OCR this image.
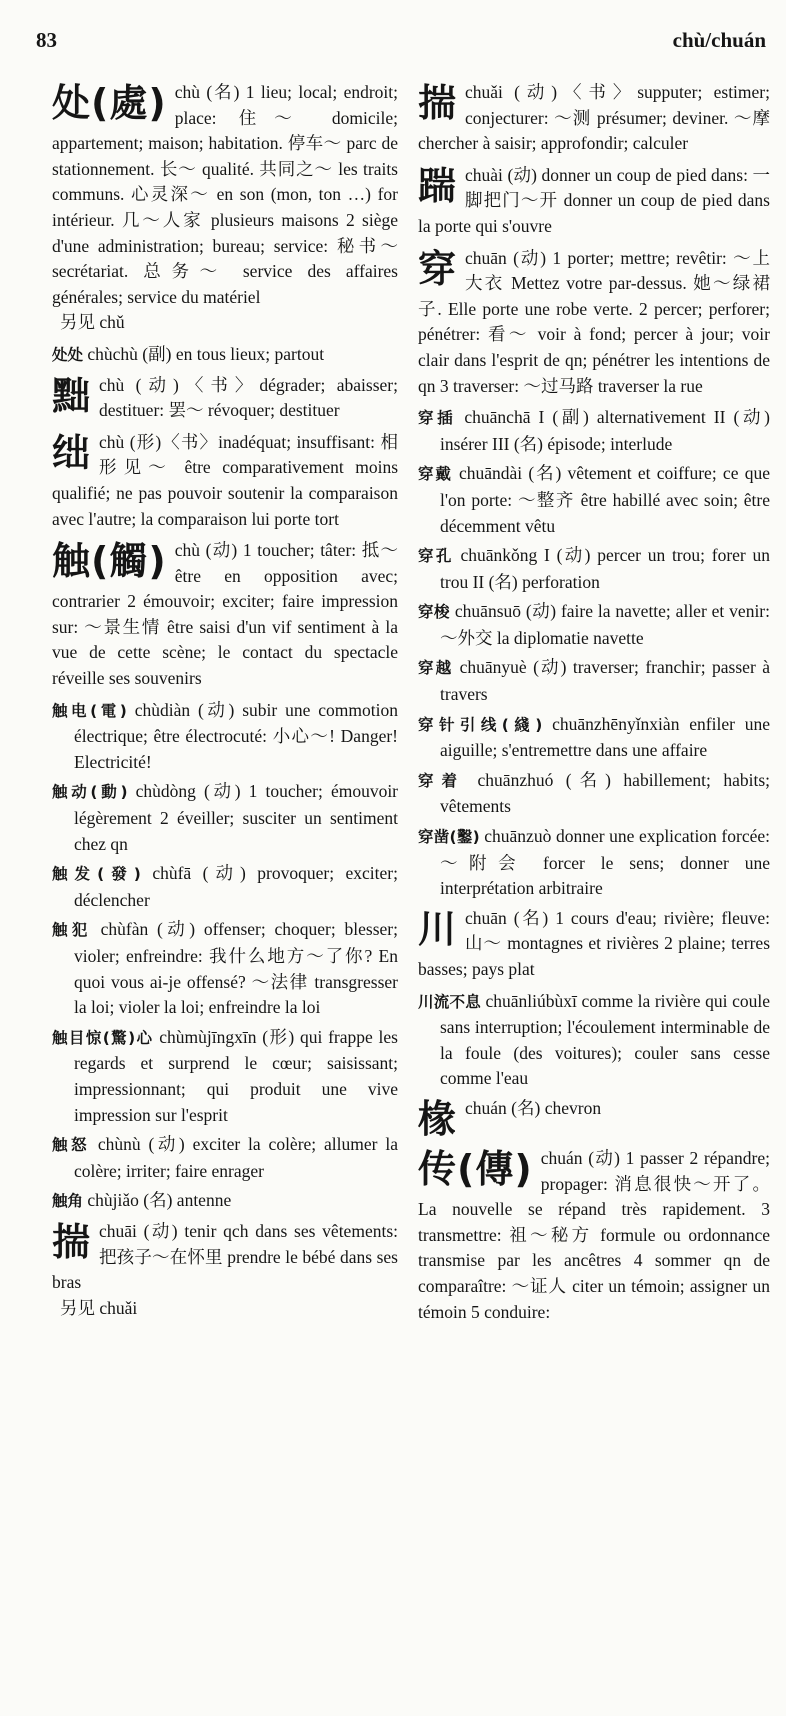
83	chù/chuán
处(處) chù (名) 1 lieu; local; endroit; place: 住～ domicile; appartement; maison; habitation. 停车～ parc de stationnement. 长～ qualité. 共同之～ les traits communs. 心灵深～ en son (mon, ton …) for intérieur. 几～人家 plusieurs maisons 2 siège d'une administration; bureau; service: 秘书～ secrétariat. 总务～ service des affaires générales; service du matériel
另见 chǔ
处处 chùchù (副) en tous lieux; partout
黜chù (动)〈书〉dégrader; abaisser; destituer: 罢～ révoquer; destituer
绌chù (形)〈书〉inadéquat; insuffisant: 相形见～ être comparativement moins qualifié; ne pas pouvoir soutenir la comparaison avec l'autre; la comparaison lui porte tort
触(觸) chù (动) 1 toucher; tâter: 抵～ être en opposition avec; contrarier 2 émouvoir; exciter; faire impression sur: ～景生情 être saisi d'un vif sentiment à la vue de cette scène; le contact du spectacle réveille ses souvenirs
触电(電) chùdiàn (动) subir une commotion électrique; être électrocuté: 小心～! Danger! Electricité!
触动(動) chùdòng (动) 1 toucher; émouvoir légèrement 2 éveiller; susciter un sentiment chez qn
触发(發) chùfā (动) provoquer; exciter; déclencher
触犯 chùfàn (动) offenser; choquer; blesser; violer; enfreindre: 我什么地方～了你? En quoi vous ai-je offensé? ～法律 transgresser la loi; violer la loi; enfreindre la loi
触目惊(驚)心 chùmùjīngxīn (形) qui frappe les regards et surprend le cœur; saisissant; impressionnant; qui produit une vive impression sur l'esprit
触怒 chùnù (动) exciter la colère; allumer la colère; irriter; faire enrager
触角 chùjiǎo (名) antenne
揣chuāi (动) tenir qch dans ses vêtements: 把孩子～在怀里 prendre le bébé dans ses bras
另见 chuǎi
揣chuǎi (动)〈书〉supputer; estimer; conjecturer: ～测 présumer; deviner. ～摩 chercher à saisir; approfondir; calculer
踹chuài (动) donner un coup de pied dans: 一脚把门～开 donner un coup de pied dans la porte qui s'ouvre
穿chuān (动) 1 porter; mettre; revêtir: ～上大衣 Mettez votre par-dessus. 她～绿裙子. Elle porte une robe verte. 2 percer; perforer; pénétrer: 看～ voir à fond; percer à jour; voir clair dans l'esprit de qn; pénétrer les intentions de qn 3 traverser: ～过马路 traverser la rue
穿插 chuānchā I (副) alternativement II (动) insérer III (名) épisode; interlude
穿戴 chuāndài (名) vêtement et coiffure; ce que l'on porte: ～整齐 être habillé avec soin; être décemment vêtu
穿孔 chuānkǒng I (动) percer un trou; forer un trou II (名) perforation
穿梭 chuānsuō (动) faire la navette; aller et venir: ～外交 la diplomatie navette
穿越 chuānyuè (动) traverser; franchir; passer à travers
穿针引线(綫) chuānzhēnyǐnxiàn enfiler une aiguille; s'entremettre dans une affaire
穿着 chuānzhuó (名) habillement; habits; vêtements
穿凿(鑿) chuānzuò donner une explication forcée: ～附会 forcer le sens; donner une interprétation arbitraire
川chuān (名) 1 cours d'eau; rivière; fleuve: 山～ montagnes et rivières 2 plaine; terres basses; pays plat
川流不息 chuānliúbùxī comme la rivière qui coule sans interruption; l'écoulement interminable de la foule (des voitures); couler sans cesse comme l'eau
椽chuán (名) chevron
传(傳) chuán (动) 1 passer 2 répandre; propager: 消息很快～开了。La nouvelle se répand très rapidement. 3 transmettre: 祖～秘方 formule ou ordonnance transmise par les ancêtres 4 sommer qn de comparaître: ～证人 citer un témoin; assigner un témoin 5 conduire:
